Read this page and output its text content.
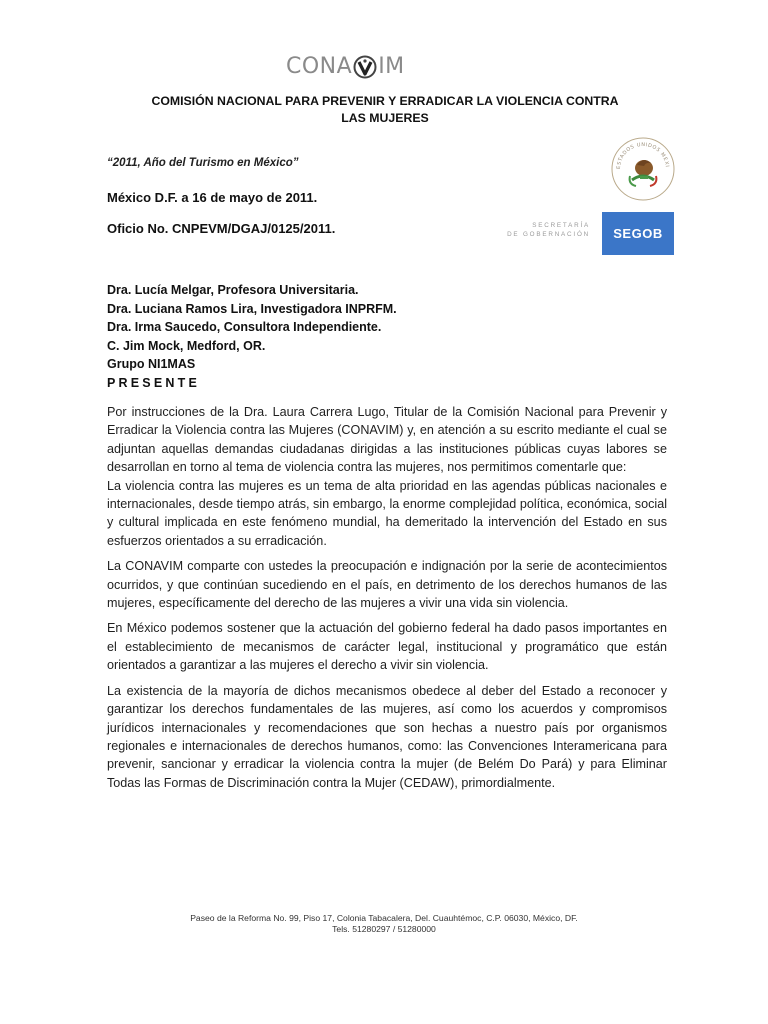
CONA IM
COMISIÓN NACIONAL PARA PREVENIR Y ERRADICAR LA VIOLENCIA CONTRA
LAS MUJERES
ESTADOS UNIDOS MEXI
SECRETARÍA
DE GOBERNACIÓN	SEGOB
“2011, Año del Turismo en México”
México D.F. a 16 de mayo de 2011.
Oficio No. CNPEVM/DGAJ/0125/2011.
Dra. Lucía Melgar, Profesora Universitaria.
Dra. Luciana Ramos Lira, Investigadora INPRFM.
Dra. Irma Saucedo, Consultora Independiente.
C. Jim Mock, Medford, OR.
Grupo NI1MAS
PRESENTE

Por instrucciones de la Dra. Laura Carrera Lugo, Titular de la Comisión Nacional para Prevenir y Erradicar la Violencia contra las Mujeres (CONAVIM) y, en atención a su escrito mediante el cual se adjuntan aquellas demandas ciudadanas dirigidas a las instituciones públicas cuyas labores se desarrollan en torno al tema de violencia contra las mujeres, nos permitimos comentarle que:

La violencia contra las mujeres es un tema de alta prioridad en las agendas públicas nacionales e internacionales, desde tiempo atrás, sin embargo, la enorme complejidad política, económica, social y cultural implicada en este fenómeno mundial, ha demeritado la intervención del Estado en sus esfuerzos orientados a su erradicación.

La CONAVIM comparte con ustedes la preocupación e indignación por la serie de acontecimientos ocurridos, y que continúan sucediendo en el país, en detrimento de los derechos humanos de las mujeres, específicamente del derecho de las mujeres a vivir una vida sin violencia.

En México podemos sostener que la actuación del gobierno federal ha dado pasos importantes en el establecimiento de mecanismos de carácter legal, institucional y programático que están orientados a garantizar a las mujeres el derecho a vivir sin violencia.

La existencia de la mayoría de dichos mecanismos obedece al deber del Estado a reconocer y garantizar los derechos fundamentales de las mujeres, así como los acuerdos y compromisos jurídicos internacionales y recomendaciones que son hechas a nuestro país por organismos regionales e internacionales de derechos humanos, como: las Convenciones Interamericana para prevenir, sancionar y erradicar la violencia contra la mujer (de Belém Do Pará) y para Eliminar Todas las Formas de Discriminación contra la Mujer (CEDAW), primordialmente.

Paseo de la Reforma No. 99, Piso 17, Colonia Tabacalera, Del. Cuauhtémoc, C.P. 06030, México, DF.
Tels. 51280297 / 51280000
